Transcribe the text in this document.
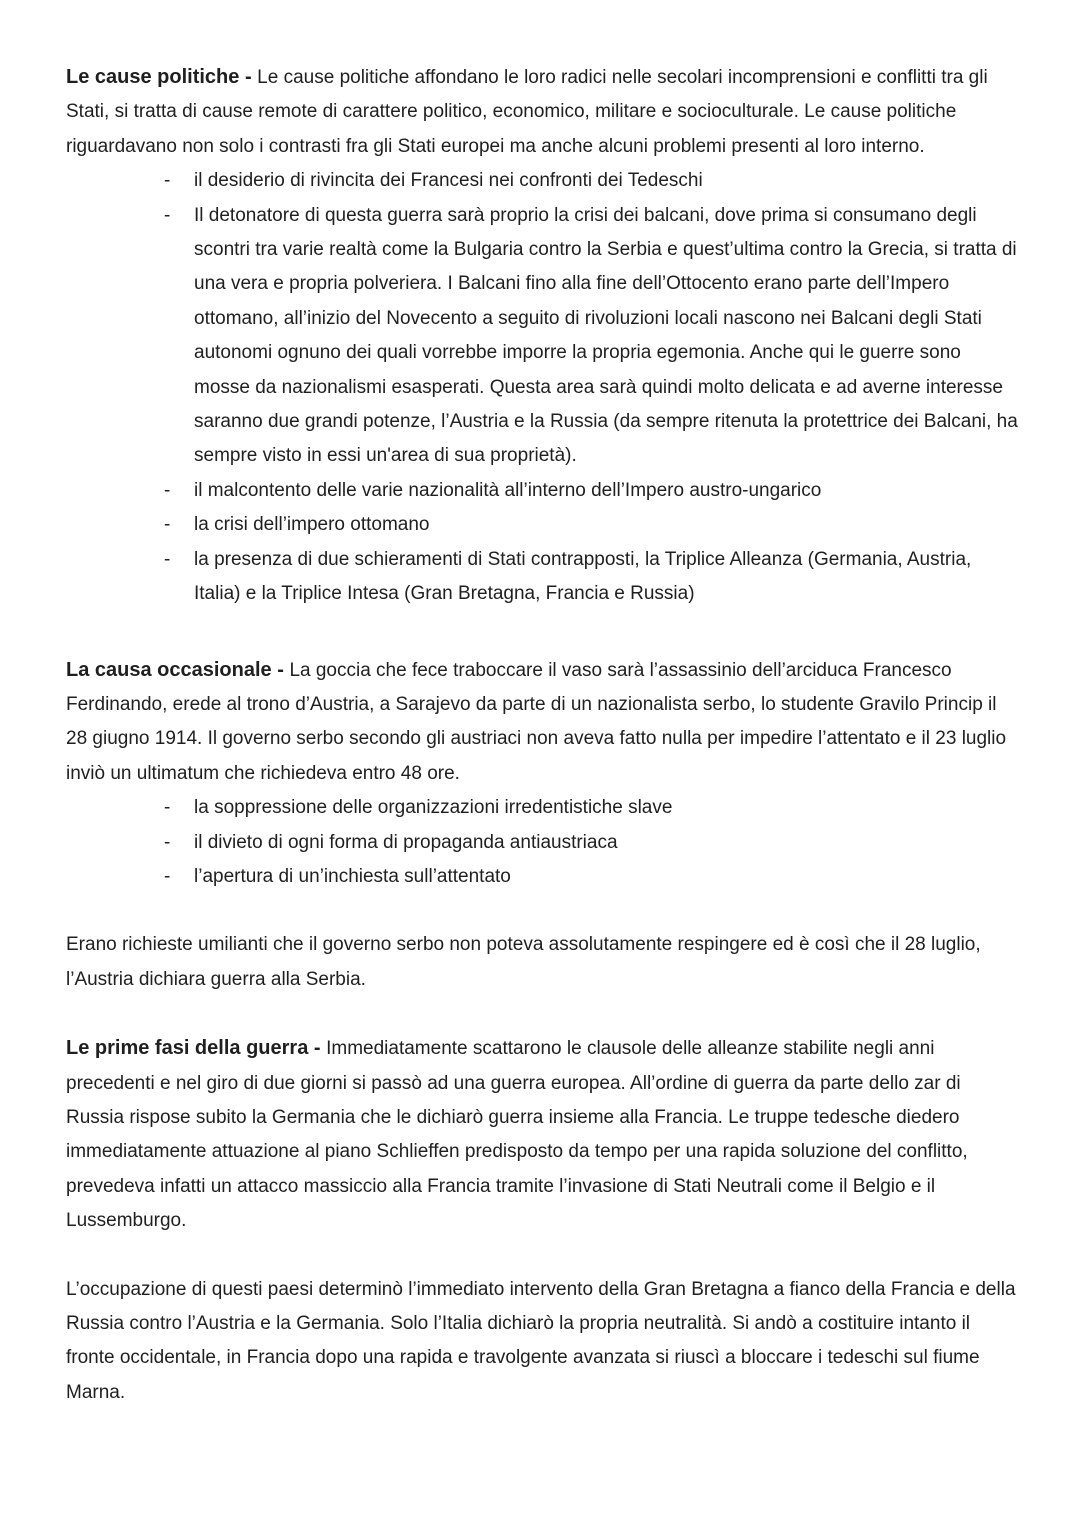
Le cause politiche - Le cause politiche affondano le loro radici nelle secolari incomprensioni e conflitti tra gli Stati, si tratta di cause remote di carattere politico, economico, militare e socioculturale. Le cause politiche riguardavano non solo i contrasti fra gli Stati europei ma anche alcuni problemi presenti al loro interno.

- il desiderio di rivincita dei Francesi nei confronti dei Tedeschi
- Il detonatore di questa guerra sarà proprio la crisi dei balcani, dove prima si consumano degli scontri tra varie realtà come la Bulgaria contro la Serbia e quest’ultima contro la Grecia, si tratta di una vera e propria polveriera. I Balcani fino alla fine dell’Ottocento erano parte dell’Impero ottomano, all’inizio del Novecento a seguito di rivoluzioni locali nascono nei Balcani degli Stati autonomi ognuno dei quali vorrebbe imporre la propria egemonia. Anche qui le guerre sono mosse da nazionalismi esasperati. Questa area sarà quindi molto delicata e ad averne interesse saranno due grandi potenze, l’Austria e la Russia (da sempre ritenuta la protettrice dei Balcani, ha sempre visto in essi un'area di sua proprietà).
- il malcontento delle varie nazionalità all’interno dell’Impero austro-ungarico
- la crisi dell’impero ottomano
- la presenza di due schieramenti di Stati contrapposti, la Triplice Alleanza (Germania, Austria, Italia) e la Triplice Intesa (Gran Bretagna, Francia e Russia)

La causa occasionale - La goccia che fece traboccare il vaso sarà l’assassinio dell’arciduca Francesco Ferdinando, erede al trono d’Austria, a Sarajevo da parte di un nazionalista serbo, lo studente Gravilo Princip il 28 giugno 1914. Il governo serbo secondo gli austriaci non aveva fatto nulla per impedire l’attentato e il 23 luglio inviò un ultimatum che richiedeva entro 48 ore.

- la soppressione delle organizzazioni irredentistiche slave
- il divieto di ogni forma di propaganda antiaustriaca
- l’apertura di un’inchiesta sull’attentato

Erano richieste umilianti che il governo serbo non poteva assolutamente respingere ed è così che il 28 luglio, l’Austria dichiara guerra alla Serbia.

Le prime fasi della guerra - Immediatamente scattarono le clausole delle alleanze stabilite negli anni precedenti e nel giro di due giorni si passò ad una guerra europea. All’ordine di guerra da parte dello zar di Russia rispose subito la Germania che le dichiarò guerra insieme alla Francia. Le truppe tedesche diedero immediatamente attuazione al piano Schlieffen predisposto da tempo per una rapida soluzione del conflitto, prevedeva infatti un attacco massiccio alla Francia tramite l’invasione di Stati Neutrali come il Belgio e il Lussemburgo.

L’occupazione di questi paesi determinò l’immediato intervento della Gran Bretagna a fianco della Francia e della Russia contro l’Austria e la Germania. Solo l’Italia dichiarò la propria neutralità. Si andò a costituire intanto il fronte occidentale, in Francia dopo una rapida e travolgente avanzata si riuscì a bloccare i tedeschi sul fiume Marna.
